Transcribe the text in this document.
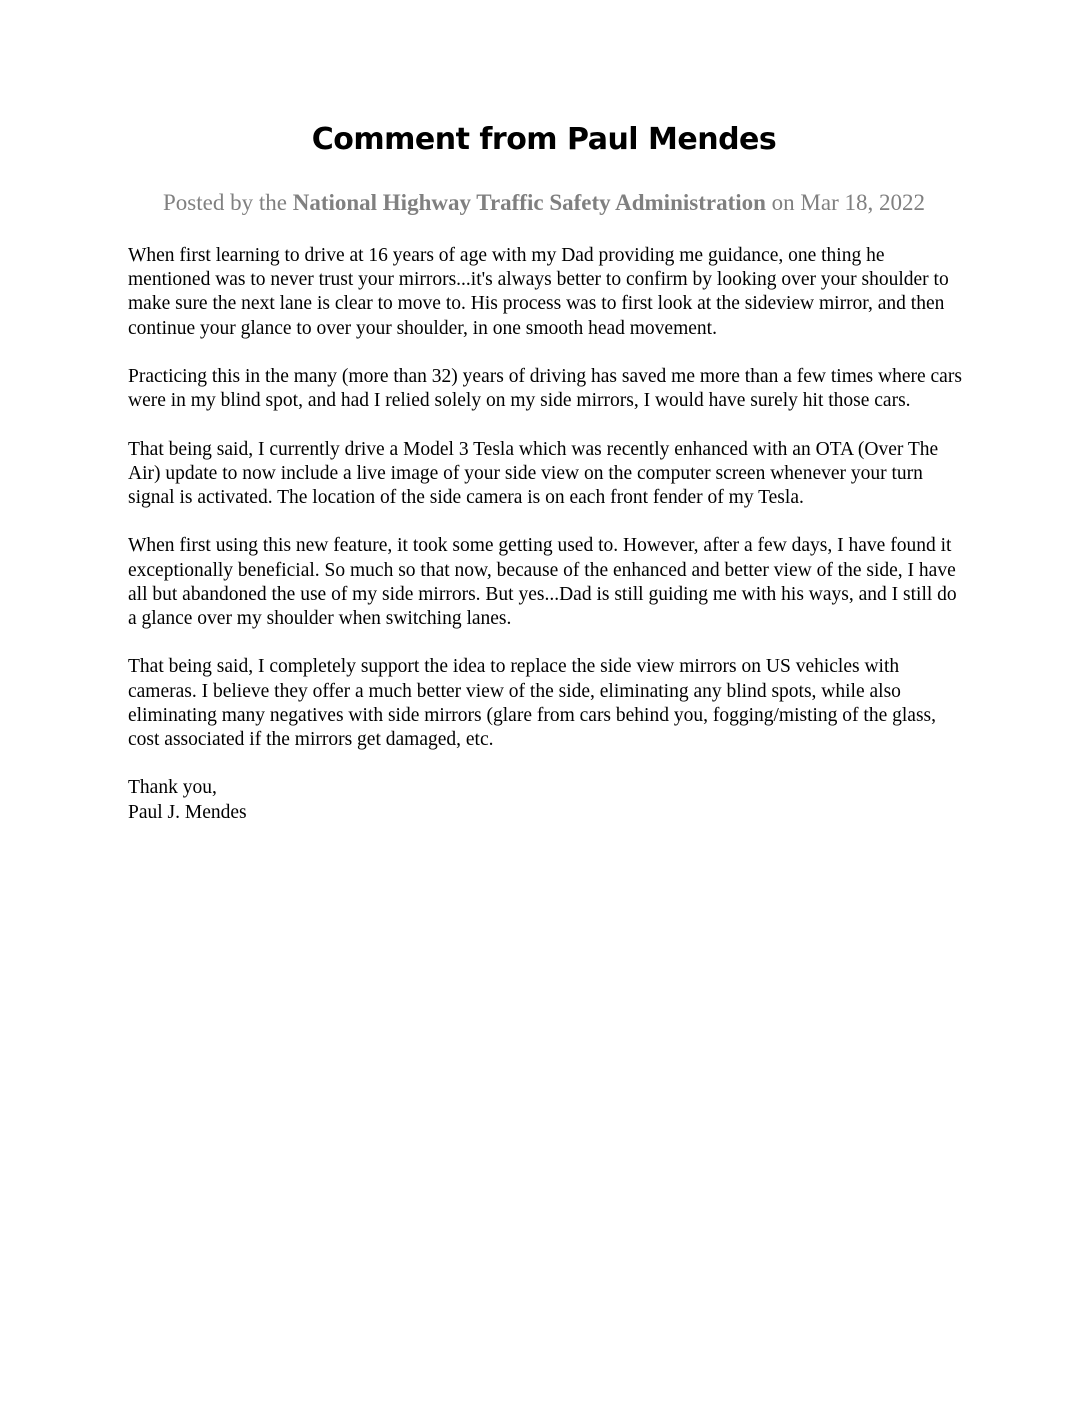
Comment from Paul Mendes
Posted by the National Highway Traffic Safety Administration on Mar 18, 2022

When first learning to drive at 16 years of age with my Dad providing me guidance, one thing he mentioned was to never trust your mirrors...it's always better to confirm by looking over your shoulder to make sure the next lane is clear to move to. His process was to first look at the sideview mirror, and then continue your glance to over your shoulder, in one smooth head movement.

Practicing this in the many (more than 32) years of driving has saved me more than a few times where cars were in my blind spot, and had I relied solely on my side mirrors, I would have surely hit those cars.

That being said, I currently drive a Model 3 Tesla which was recently enhanced with an OTA (Over The Air) update to now include a live image of your side view on the computer screen whenever your turn signal is activated. The location of the side camera is on each front fender of my Tesla.

When first using this new feature, it took some getting used to. However, after a few days, I have found it exceptionally beneficial. So much so that now, because of the enhanced and better view of the side, I have all but abandoned the use of my side mirrors. But yes...Dad is still guiding me with his ways, and I still do a glance over my shoulder when switching lanes.

That being said, I completely support the idea to replace the side view mirrors on US vehicles with cameras. I believe they offer a much better view of the side, eliminating any blind spots, while also eliminating many negatives with side mirrors (glare from cars behind you, fogging/misting of the glass, cost associated if the mirrors get damaged, etc.

Thank you,
Paul J. Mendes
